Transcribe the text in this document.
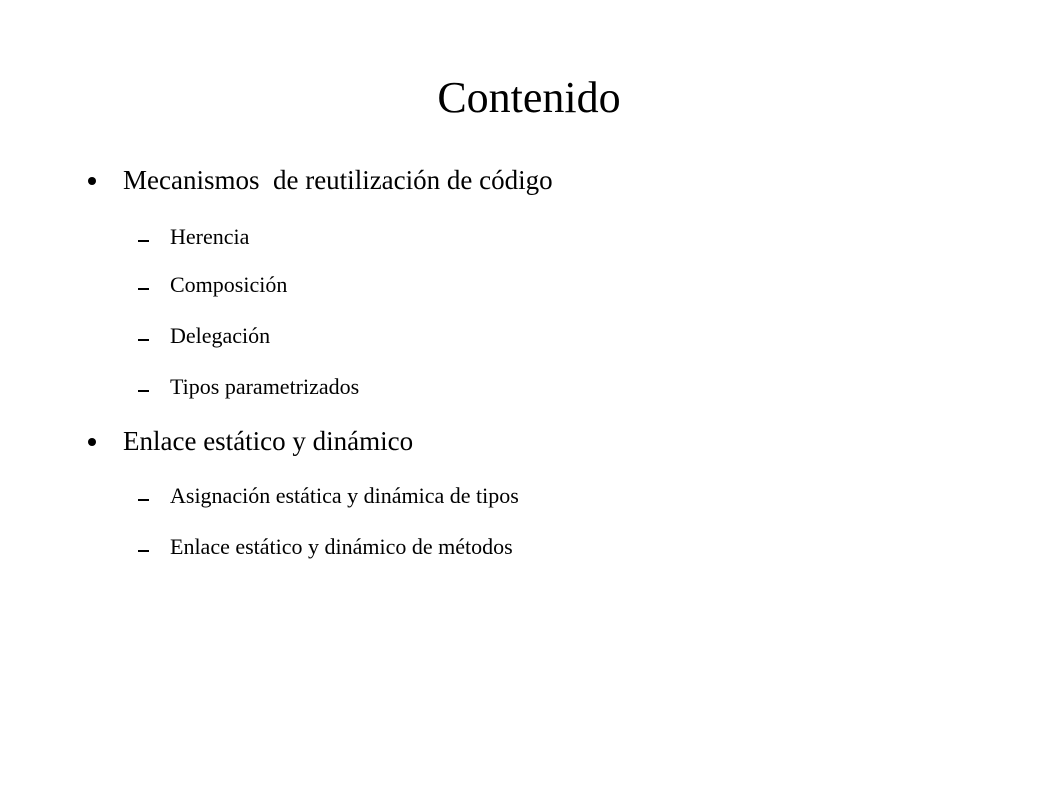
Contenido
Mecanismos  de reutilización de código
Herencia
Composición
Delegación
Tipos parametrizados
Enlace estático y dinámico
Asignación estática y dinámica de tipos
Enlace estático y dinámico de métodos
